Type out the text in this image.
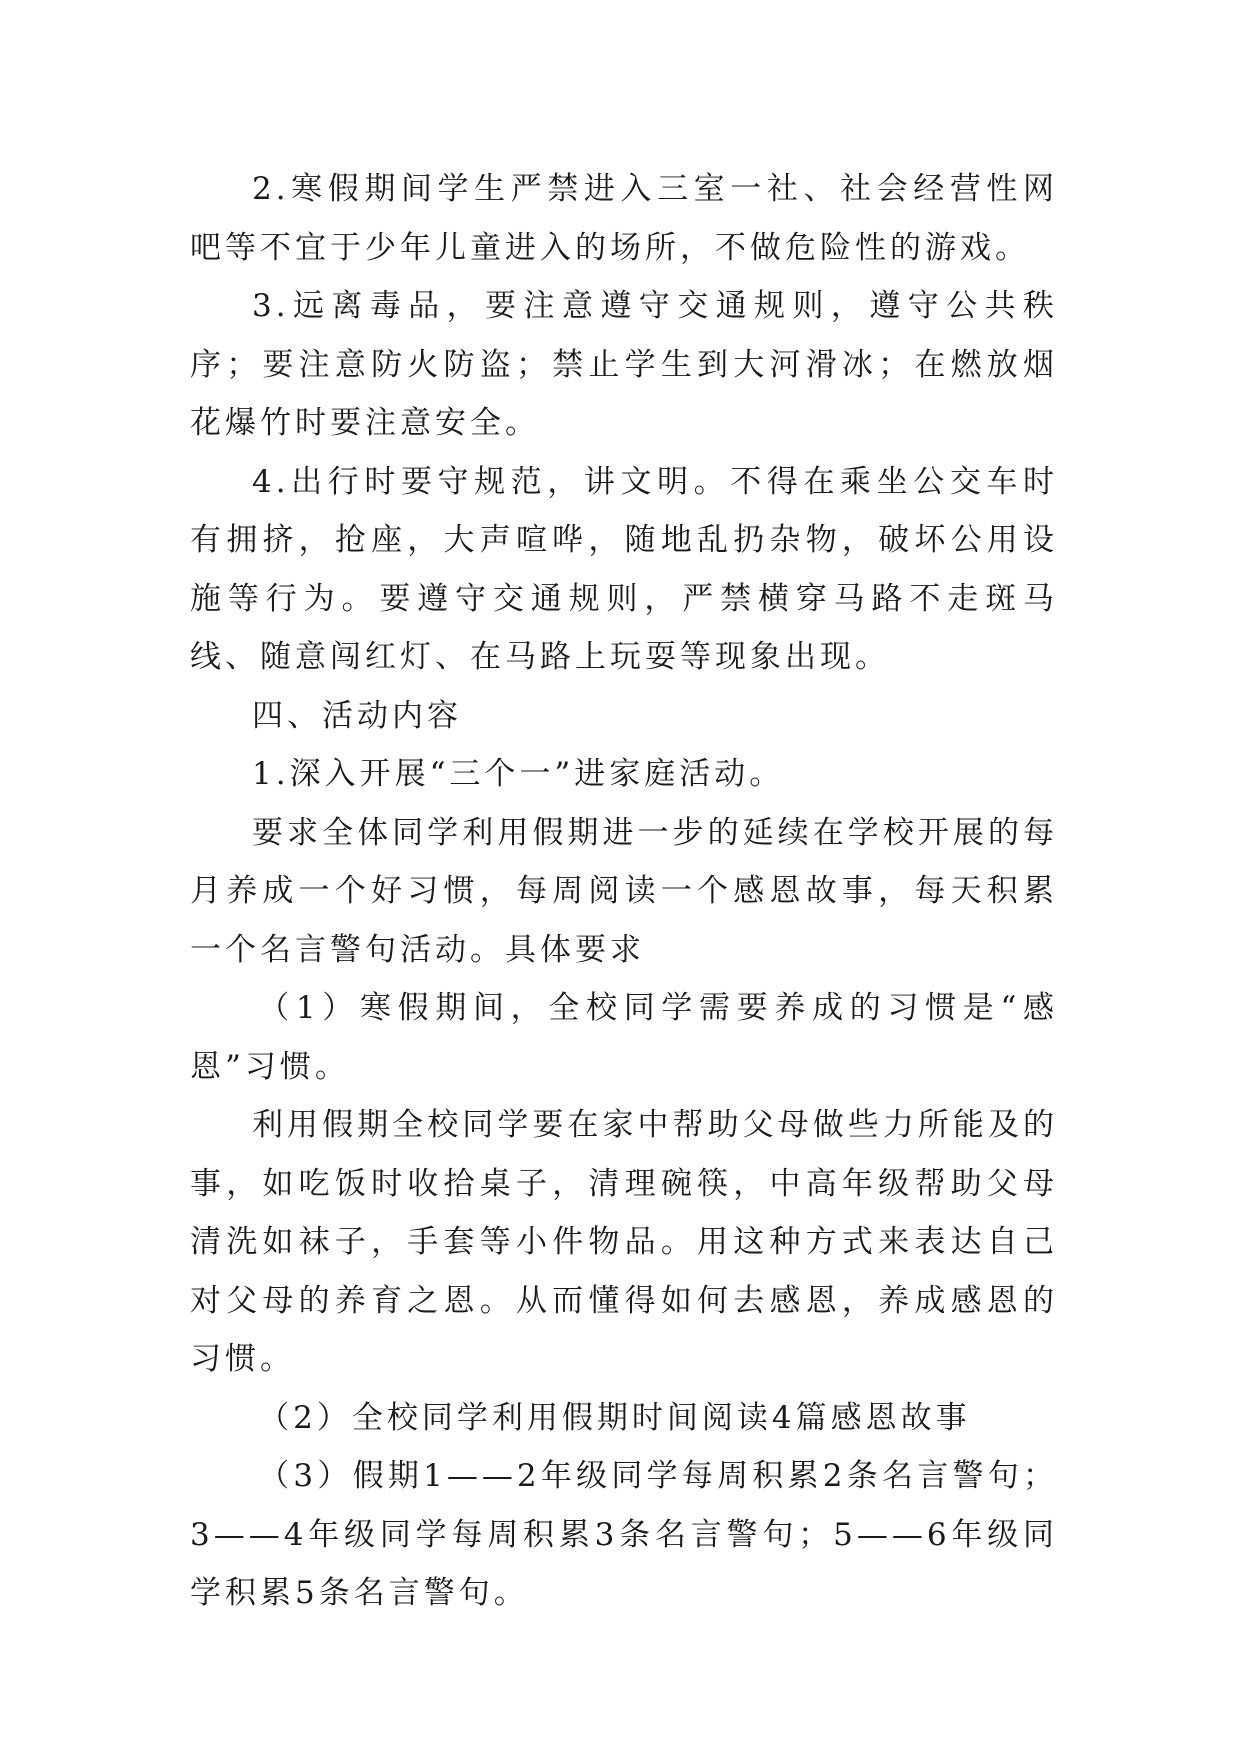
2.寒假期间学生严禁进入三室一社、社会经营性网吧等不宜于少年儿童进入的场所，不做危险性的游戏。

3.远离毒品，要注意遵守交通规则，遵守公共秩序；要注意防火防盗；禁止学生到大河滑冰；在燃放烟花爆竹时要注意安全。

4.出行时要守规范，讲文明。不得在乘坐公交车时有拥挤，抢座，大声喧哗，随地乱扔杂物，破坏公用设施等行为。要遵守交通规则，严禁横穿马路不走斑马线、随意闯红灯、在马路上玩耍等现象出现。

四、活动内容

1.深入开展“三个一”进家庭活动。

要求全体同学利用假期进一步的延续在学校开展的每月养成一个好习惯，每周阅读一个感恩故事，每天积累一个名言警句活动。具体要求

（1）寒假期间，全校同学需要养成的习惯是“感恩”习惯。

利用假期全校同学要在家中帮助父母做些力所能及的事，如吃饭时收拾桌子，清理碗筷，中高年级帮助父母清洗如袜子，手套等小件物品。用这种方式来表达自己对父母的养育之恩。从而懂得如何去感恩，养成感恩的习惯。

（2）全校同学利用假期时间阅读4篇感恩故事

（3）假期1——2年级同学每周积累2条名言警句；3——4年级同学每周积累3条名言警句；5——6年级同学积累5条名言警句。
